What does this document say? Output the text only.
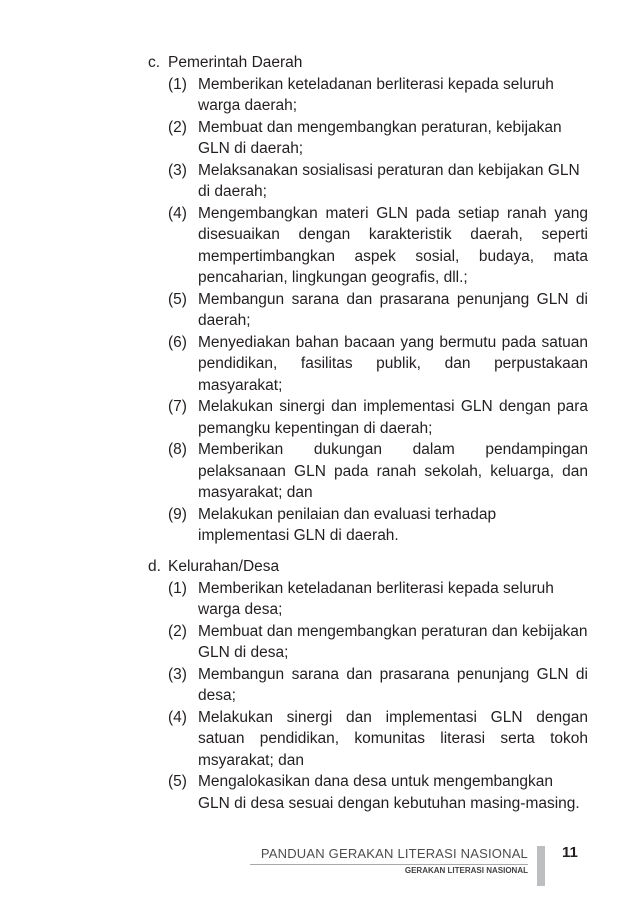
c. Pemerintah Daerah
(1) Memberikan keteladanan berliterasi kepada seluruh warga daerah;
(2) Membuat dan mengembangkan peraturan, kebijakan GLN di daerah;
(3) Melaksanakan sosialisasi peraturan dan kebijakan GLN di daerah;
(4) Mengembangkan materi GLN pada setiap ranah yang disesuaikan dengan karakteristik daerah, seperti mempertimbangkan aspek sosial, budaya, mata pencaharian, lingkungan geografis, dll.;
(5) Membangun sarana dan prasarana penunjang GLN di daerah;
(6) Menyediakan bahan bacaan yang bermutu pada satuan pendidikan, fasilitas publik, dan perpustakaan masyarakat;
(7) Melakukan sinergi dan implementasi GLN dengan para pemangku kepentingan di daerah;
(8) Memberikan dukungan dalam pendampingan pelaksanaan GLN pada ranah sekolah, keluarga, dan masyarakat; dan
(9) Melakukan penilaian dan evaluasi terhadap implementasi GLN di daerah.
d. Kelurahan/Desa
(1) Memberikan keteladanan berliterasi kepada seluruh warga desa;
(2) Membuat dan mengembangkan peraturan dan kebijakan GLN di desa;
(3) Membangun sarana dan prasarana penunjang GLN di desa;
(4) Melakukan sinergi dan implementasi GLN dengan satuan pendidikan, komunitas literasi serta tokoh msyarakat; dan
(5) Mengalokasikan dana desa untuk mengembangkan GLN di desa sesuai dengan kebutuhan masing-masing.
PANDUAN GERAKAN LITERASI NASIONAL
GERAKAN LITERASI NASIONAL
11
